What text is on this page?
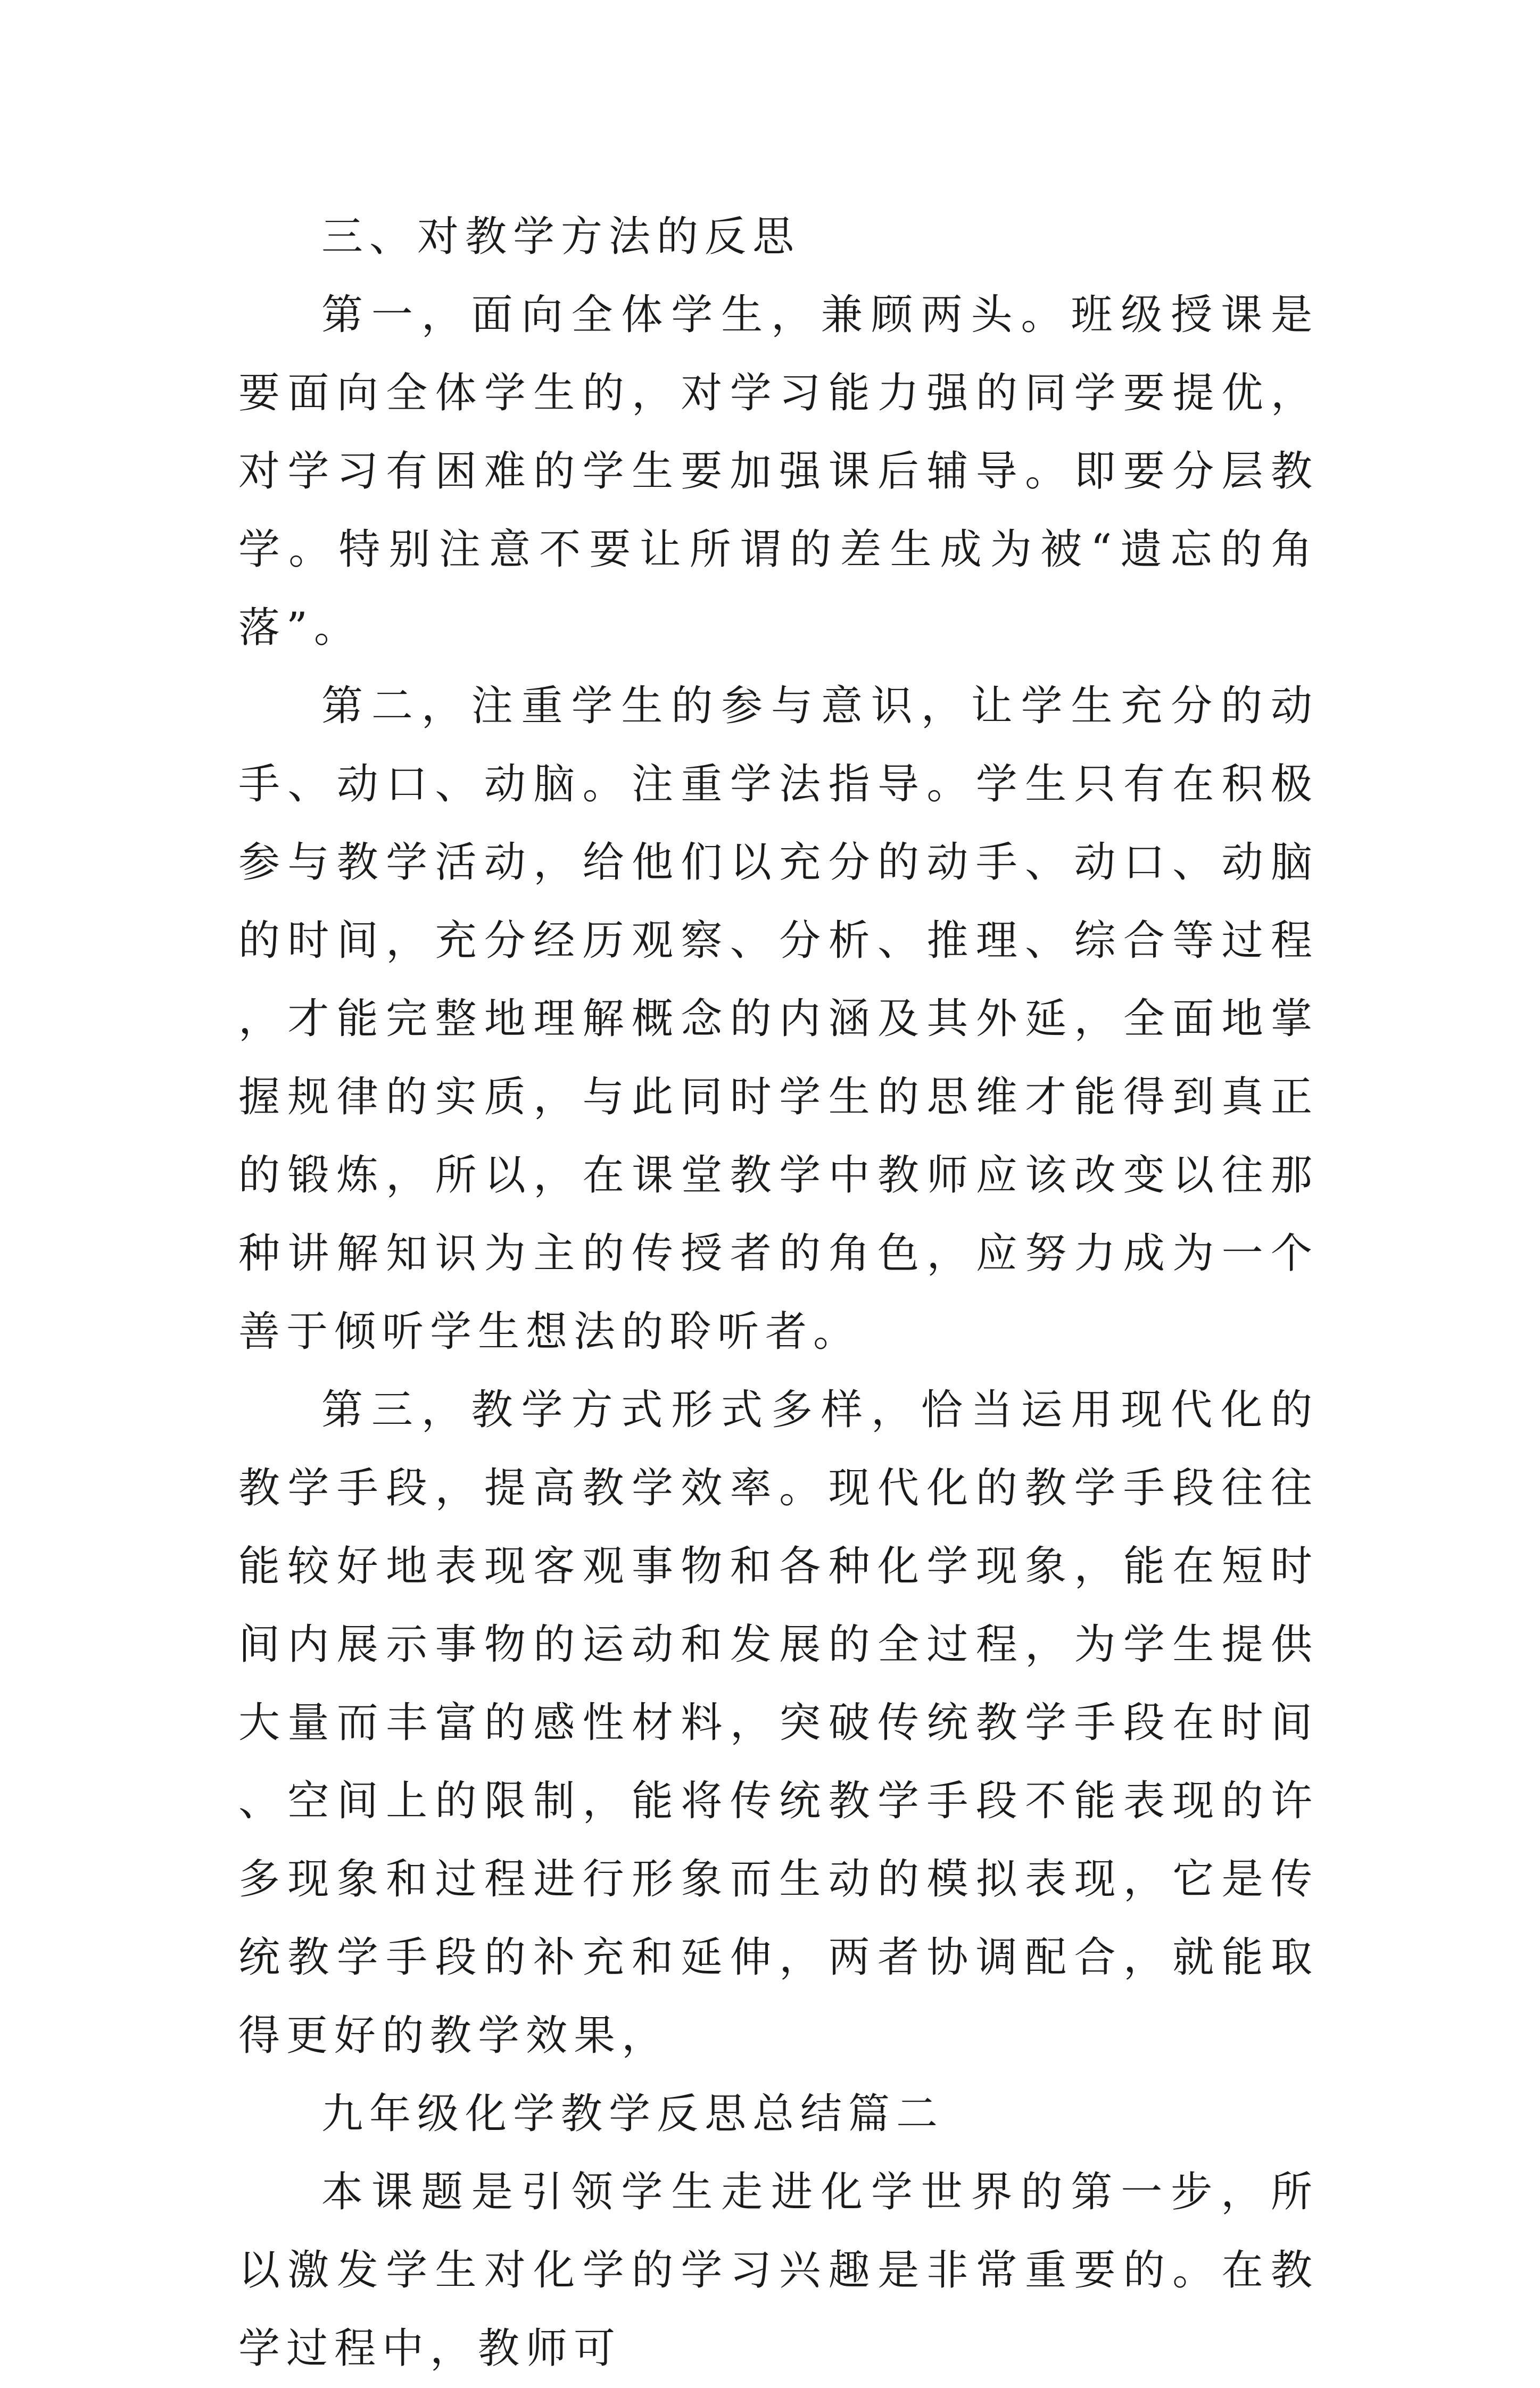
三、对教学方法的反思

第一，面向全体学生，兼顾两头。班级授课是要面向全体学生的，对学习能力强的同学要提优，对学习有困难的学生要加强课后辅导。即要分层教学。特别注意不要让所谓的差生成为被“遗忘的角落”。

第二，注重学生的参与意识，让学生充分的动手、动口、动脑。注重学法指导。学生只有在积极参与教学活动，给他们以充分的动手、动口、动脑的时间，充分经历观察、分析、推理、综合等过程，才能完整地理解概念的内涵及其外延，全面地掌握规律的实质，与此同时学生的思维才能得到真正的锻炼，所以，在课堂教学中教师应该改变以往那种讲解知识为主的传授者的角色，应努力成为一个善于倾听学生想法的聆听者。

第三，教学方式形式多样，恰当运用现代化的教学手段，提高教学效率。现代化的教学手段往往能较好地表现客观事物和各种化学现象，能在短时间内展示事物的运动和发展的全过程，为学生提供大量而丰富的感性材料，突破传统教学手段在时间、空间上的限制，能将传统教学手段不能表现的许多现象和过程进行形象而生动的模拟表现，它是传统教学手段的补充和延伸，两者协调配合，就能取得更好的教学效果，

九年级化学教学反思总结篇二

本课题是引领学生走进化学世界的第一步，所以激发学生对化学的学习兴趣是非常重要的。在教学过程中，教师可
